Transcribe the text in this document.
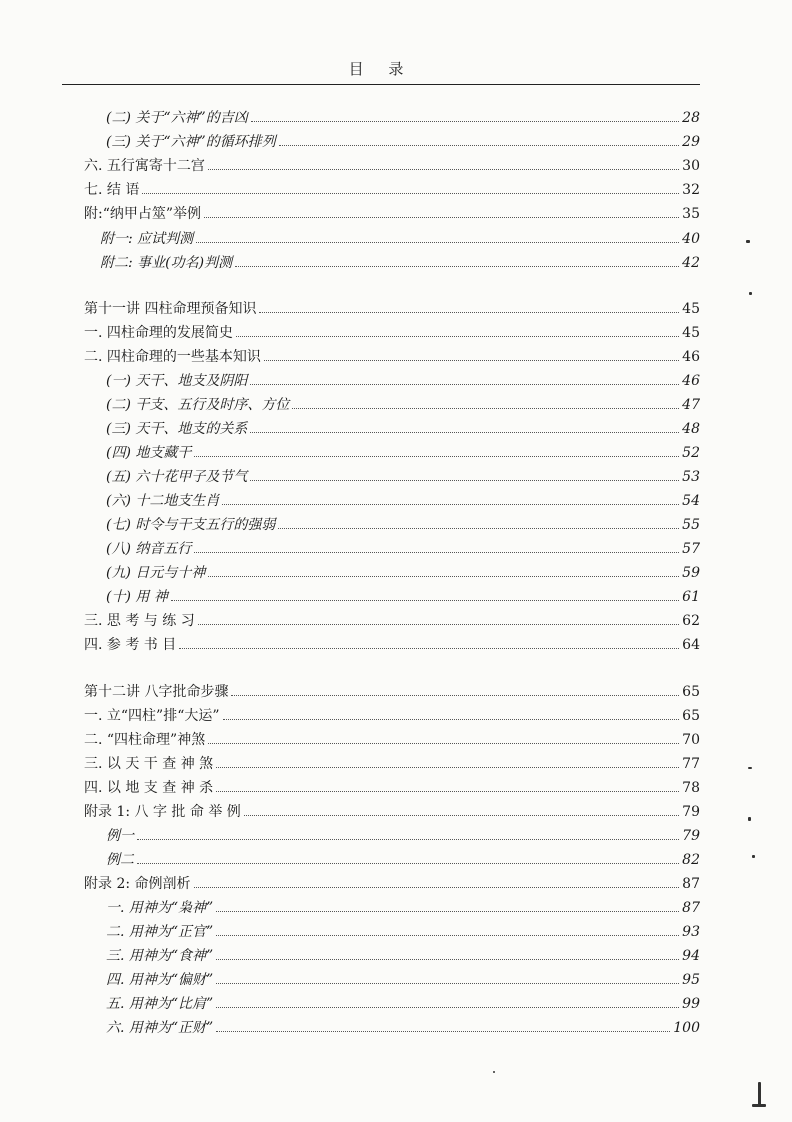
目 录
(二) 关于“六神”的吉凶	28
(三) 关于“六神”的循环排列	29
六. 五行寓寄十二宫	30
七. 结 语	32
附:“纳甲占筮”举例	35
附一: 应试判测	40
附二: 事业(功名)判测	42
第十一讲 四柱命理预备知识	45
一. 四柱命理的发展简史	45
二. 四柱命理的一些基本知识	46
(一) 天干、地支及阴阳	46
(二) 干支、五行及时序、方位	47
(三) 天干、地支的关系	48
(四) 地支藏干	52
(五) 六十花甲子及节气	53
(六) 十二地支生肖	54
(七) 时令与干支五行的强弱	55
(八) 纳音五行	57
(九) 日元与十神	59
(十) 用 神	61
三. 思 考 与 练 习	62
四. 参 考 书 目	64
第十二讲 八字批命步骤	65
一. 立“四柱”排“大运”	65
二. “四柱命理”神煞	70
三. 以 天 干 查 神 煞	77
四. 以 地 支 查 神 杀	78
附录 1: 八 字 批 命 举 例	79
例一	79
例二	82
附录 2: 命例剖析	87
一. 用神为“枭神”	87
二. 用神为“正官”	93
三. 用神为“食神”	94
四. 用神为“偏财”	95
五. 用神为“比肩”	99
六. 用神为“正财”	100
